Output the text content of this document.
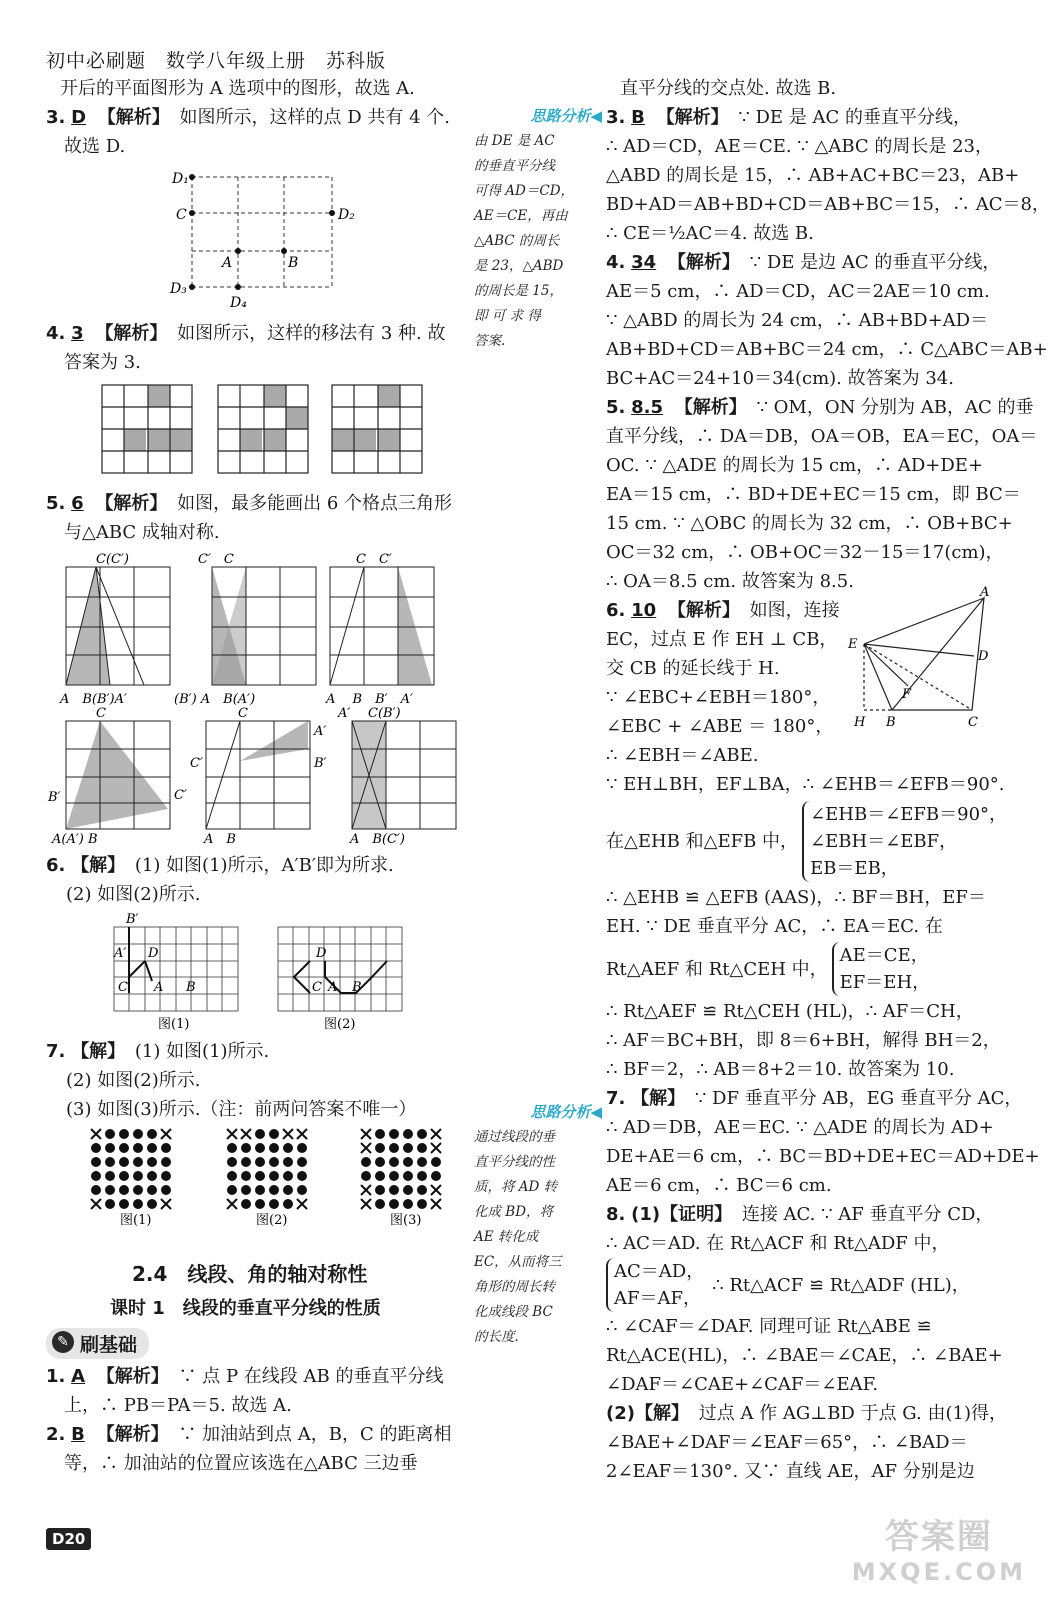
初中必刷题　数学八年级上册　苏科版
开后的平面图形为 A 选项中的图形，故选 A.
3. D 【解析】 如图所示，这样的点 D 共有 4 个.
故选 D.
D₁
C	D₂
A	B
D₃
D₄
4. 3 【解析】 如图所示，这样的移法有 3 种. 故
答案为 3.
5. 6 【解析】 如图，最多能画出 6 个格点三角形
与△ABC 成轴对称.
C(C′)
A　B(B′)A′
C′　C
(B′) A　B(A′)
C　C′
A　 B　B′　A′
C
B′	C′
A(A′) B
C
A′
C′	B′
A　B
C(B′)
A′
A　B(C′)
6. 【解】 (1) 如图(1)所示，A′B′即为所求.
(2) 如图(2)所示.
B′
A′ D
C A B
图(1)
D
C A B
图(2)
7. 【解】 (1) 如图(1)所示.
(2) 如图(2)所示.
(3) 如图(3)所示.（注：前两问答案不唯一）
图(1)	图(2)	图(3)
2.4　线段、角的轴对称性
课时 1　线段的垂直平分线的性质
✎ 刷基础
1. A 【解析】 ∵ 点 P 在线段 AB 的垂直平分线
上，∴ PB＝PA＝5. 故选 A.
2. B 【解析】 ∵ 加油站到点 A，B，C 的距离相
等，∴ 加油站的位置应该选在△ABC 三边垂
思路分析◀
由 DE 是 AC
的垂直平分线
可得 AD＝CD，
AE＝CE，再由
△ABC 的周长
是 23，△ABD
的周长是 15，
即 可 求 得
答案.
思路分析◀
通过线段的垂
直平分线的性
质，将 AD 转
化成 BD，将
AE 转化成
EC，从而将三
角形的周长转
化成线段 BC
的长度.
直平分线的交点处. 故选 B.
3. B 【解析】 ∵ DE 是 AC 的垂直平分线，
∴ AD＝CD，AE＝CE. ∵ △ABC 的周长是 23，
△ABD 的周长是 15，∴ AB+AC+BC＝23，AB+
BD+AD＝AB+BD+CD＝AB+BC＝15，∴ AC＝8，
∴ CE＝½AC＝4. 故选 B.
4. 34 【解析】 ∵ DE 是边 AC 的垂直平分线，
AE＝5 cm，∴ AD＝CD，AC＝2AE＝10 cm.
∵ △ABD 的周长为 24 cm，∴ AB+BD+AD＝
AB+BD+CD＝AB+BC＝24 cm，∴ C△ABC＝AB+
BC+AC＝24+10＝34(cm). 故答案为 34.
5. 8.5 【解析】 ∵ OM，ON 分别为 AB，AC 的垂
直平分线，∴ DA＝DB，OA＝OB，EA＝EC，OA＝
OC. ∵ △ADE 的周长为 15 cm，∴ AD+DE+
EA＝15 cm，∴ BD+DE+EC＝15 cm，即 BC＝
15 cm. ∵ △OBC 的周长为 32 cm，∴ OB+BC+
OC＝32 cm，∴ OB+OC＝32－15＝17(cm)，
∴ OA＝8.5 cm. 故答案为 8.5.
6. 10 【解析】 如图，连接
EC，过点 E 作 EH ⊥ CB，
交 CB 的延长线于 H.
∵ ∠EBC+∠EBH＝180°，
∠EBC + ∠ABE ＝ 180°，
∴ ∠EBH＝∠ABE.
A
E
D
F
H B	C
∵ EH⊥BH，EF⊥BA，∴ ∠EHB＝∠EFB＝90°.
在△EHB 和△EFB 中，
∠EHB＝∠EFB＝90°，
∠EBH＝∠EBF，
EB＝EB，
∴ △EHB ≌ △EFB (AAS)，∴ BF＝BH，EF＝
EH. ∵ DE 垂直平分 AC，∴ EA＝EC. 在
Rt△AEF 和 Rt△CEH 中，
AE＝CE，
EF＝EH，
∴ Rt△AEF ≌ Rt△CEH (HL)，∴ AF＝CH，
∴ AF＝BC+BH，即 8＝6+BH，解得 BH＝2，
∴ BF＝2，∴ AB＝8+2＝10. 故答案为 10.
7. 【解】 ∵ DF 垂直平分 AB，EG 垂直平分 AC，
∴ AD＝DB，AE＝EC. ∵ △ADE 的周长为 AD+
DE+AE＝6 cm，∴ BC＝BD+DE+EC＝AD+DE+
AE＝6 cm，∴ BC＝6 cm.
8. (1)【证明】 连接 AC. ∵ AF 垂直平分 CD，
∴ AC＝AD. 在 Rt△ACF 和 Rt△ADF 中，
AC＝AD，
AF＝AF，
∴ Rt△ACF ≌ Rt△ADF (HL)，
∴ ∠CAF＝∠DAF. 同理可证 Rt△ABE ≌
Rt△ACE(HL)，∴ ∠BAE＝∠CAE，∴ ∠BAE+
∠DAF＝∠CAE+∠CAF＝∠EAF.
(2)【解】 过点 A 作 AG⊥BD 于点 G. 由(1)得，
∠BAE+∠DAF＝∠EAF＝65°，∴ ∠BAD＝
2∠EAF＝130°. 又∵ 直线 AE，AF 分别是边
D20	答案圈
MXQE.COM
